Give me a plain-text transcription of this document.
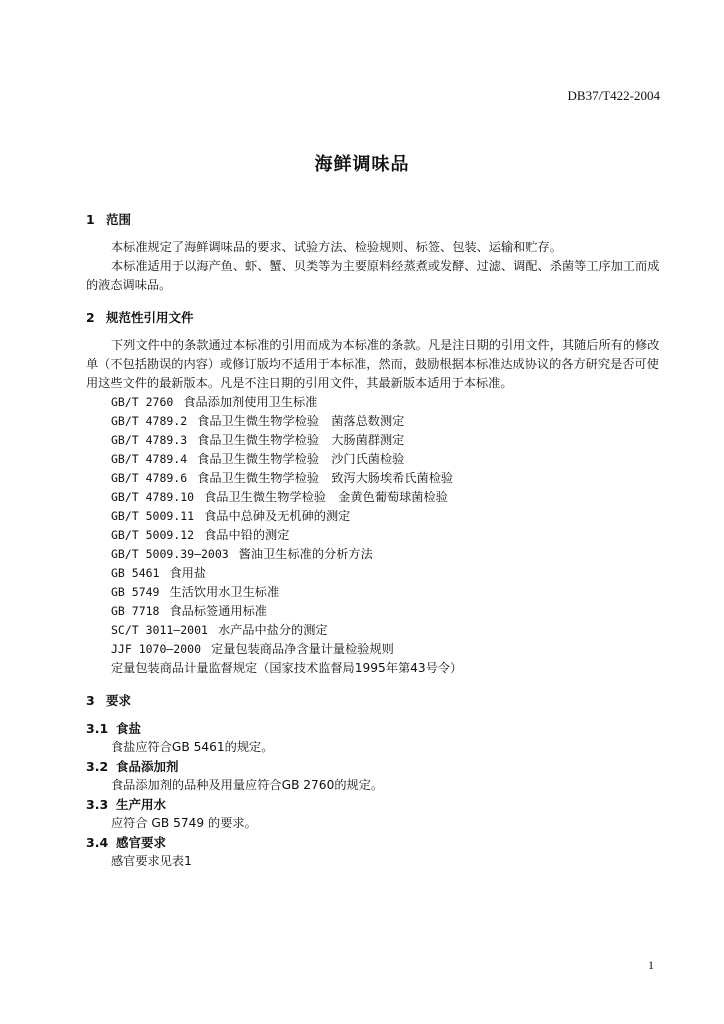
DB37/T422-2004
海鲜调味品
1 范围
本标准规定了海鲜调味品的要求、试验方法、检验规则、标签、包装、运输和贮存。
本标准适用于以海产鱼、虾、蟹、贝类等为主要原料经蒸煮或发酵、过滤、调配、杀菌等工序加工而成的液态调味品。
2 规范性引用文件
下列文件中的条款通过本标准的引用而成为本标准的条款。凡是注日期的引用文件，其随后所有的修改单（不包括勘误的内容）或修订版均不适用于本标准，然而，鼓励根据本标准达成协议的各方研究是否可使用这些文件的最新版本。凡是不注日期的引用文件，其最新版本适用于本标准。
GB/T 2760 食品添加剂使用卫生标准
GB/T 4789.2 食品卫生微生物学检验　菌落总数测定
GB/T 4789.3 食品卫生微生物学检验　大肠菌群测定
GB/T 4789.4 食品卫生微生物学检验　沙门氏菌检验
GB/T 4789.6 食品卫生微生物学检验　致泻大肠埃希氏菌检验
GB/T 4789.10 食品卫生微生物学检验　金黄色葡萄球菌检验
GB/T 5009.11 食品中总砷及无机砷的测定
GB/T 5009.12 食品中铅的测定
GB/T 5009.39—2003 酱油卫生标准的分析方法
GB 5461 食用盐
GB 5749 生活饮用水卫生标准
GB 7718 食品标签通用标准
SC/T 3011—2001 水产品中盐分的测定
JJF 1070—2000 定量包装商品净含量计量检验规则
定量包装商品计量监督规定（国家技术监督局1995年第43号令）
3 要求
3.1 食盐
食盐应符合GB 5461的规定。
3.2 食品添加剂
食品添加剂的品种及用量应符合GB 2760的规定。
3.3 生产用水
应符合 GB 5749 的要求。
3.4 感官要求
感官要求见表1
1
